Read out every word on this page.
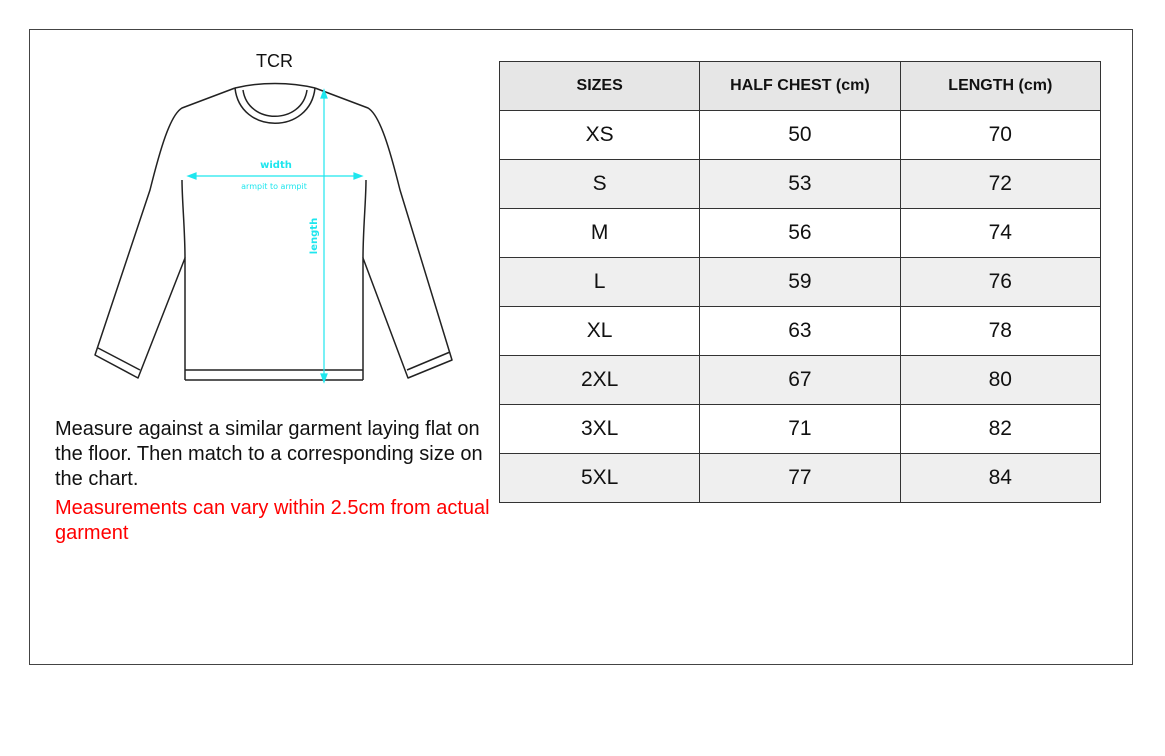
TCR
width
armpit to armpit
length
Measure against a similar garment laying flat on the floor. Then match to a corresponding size on the chart.
Measurements can vary within 2.5cm from actual garment
SIZES	HALF CHEST (cm)	LENGTH (cm)
XS	50	70
S	53	72
M	56	74
L	59	76
XL	63	78
2XL	67	80
3XL	71	82
5XL	77	84
